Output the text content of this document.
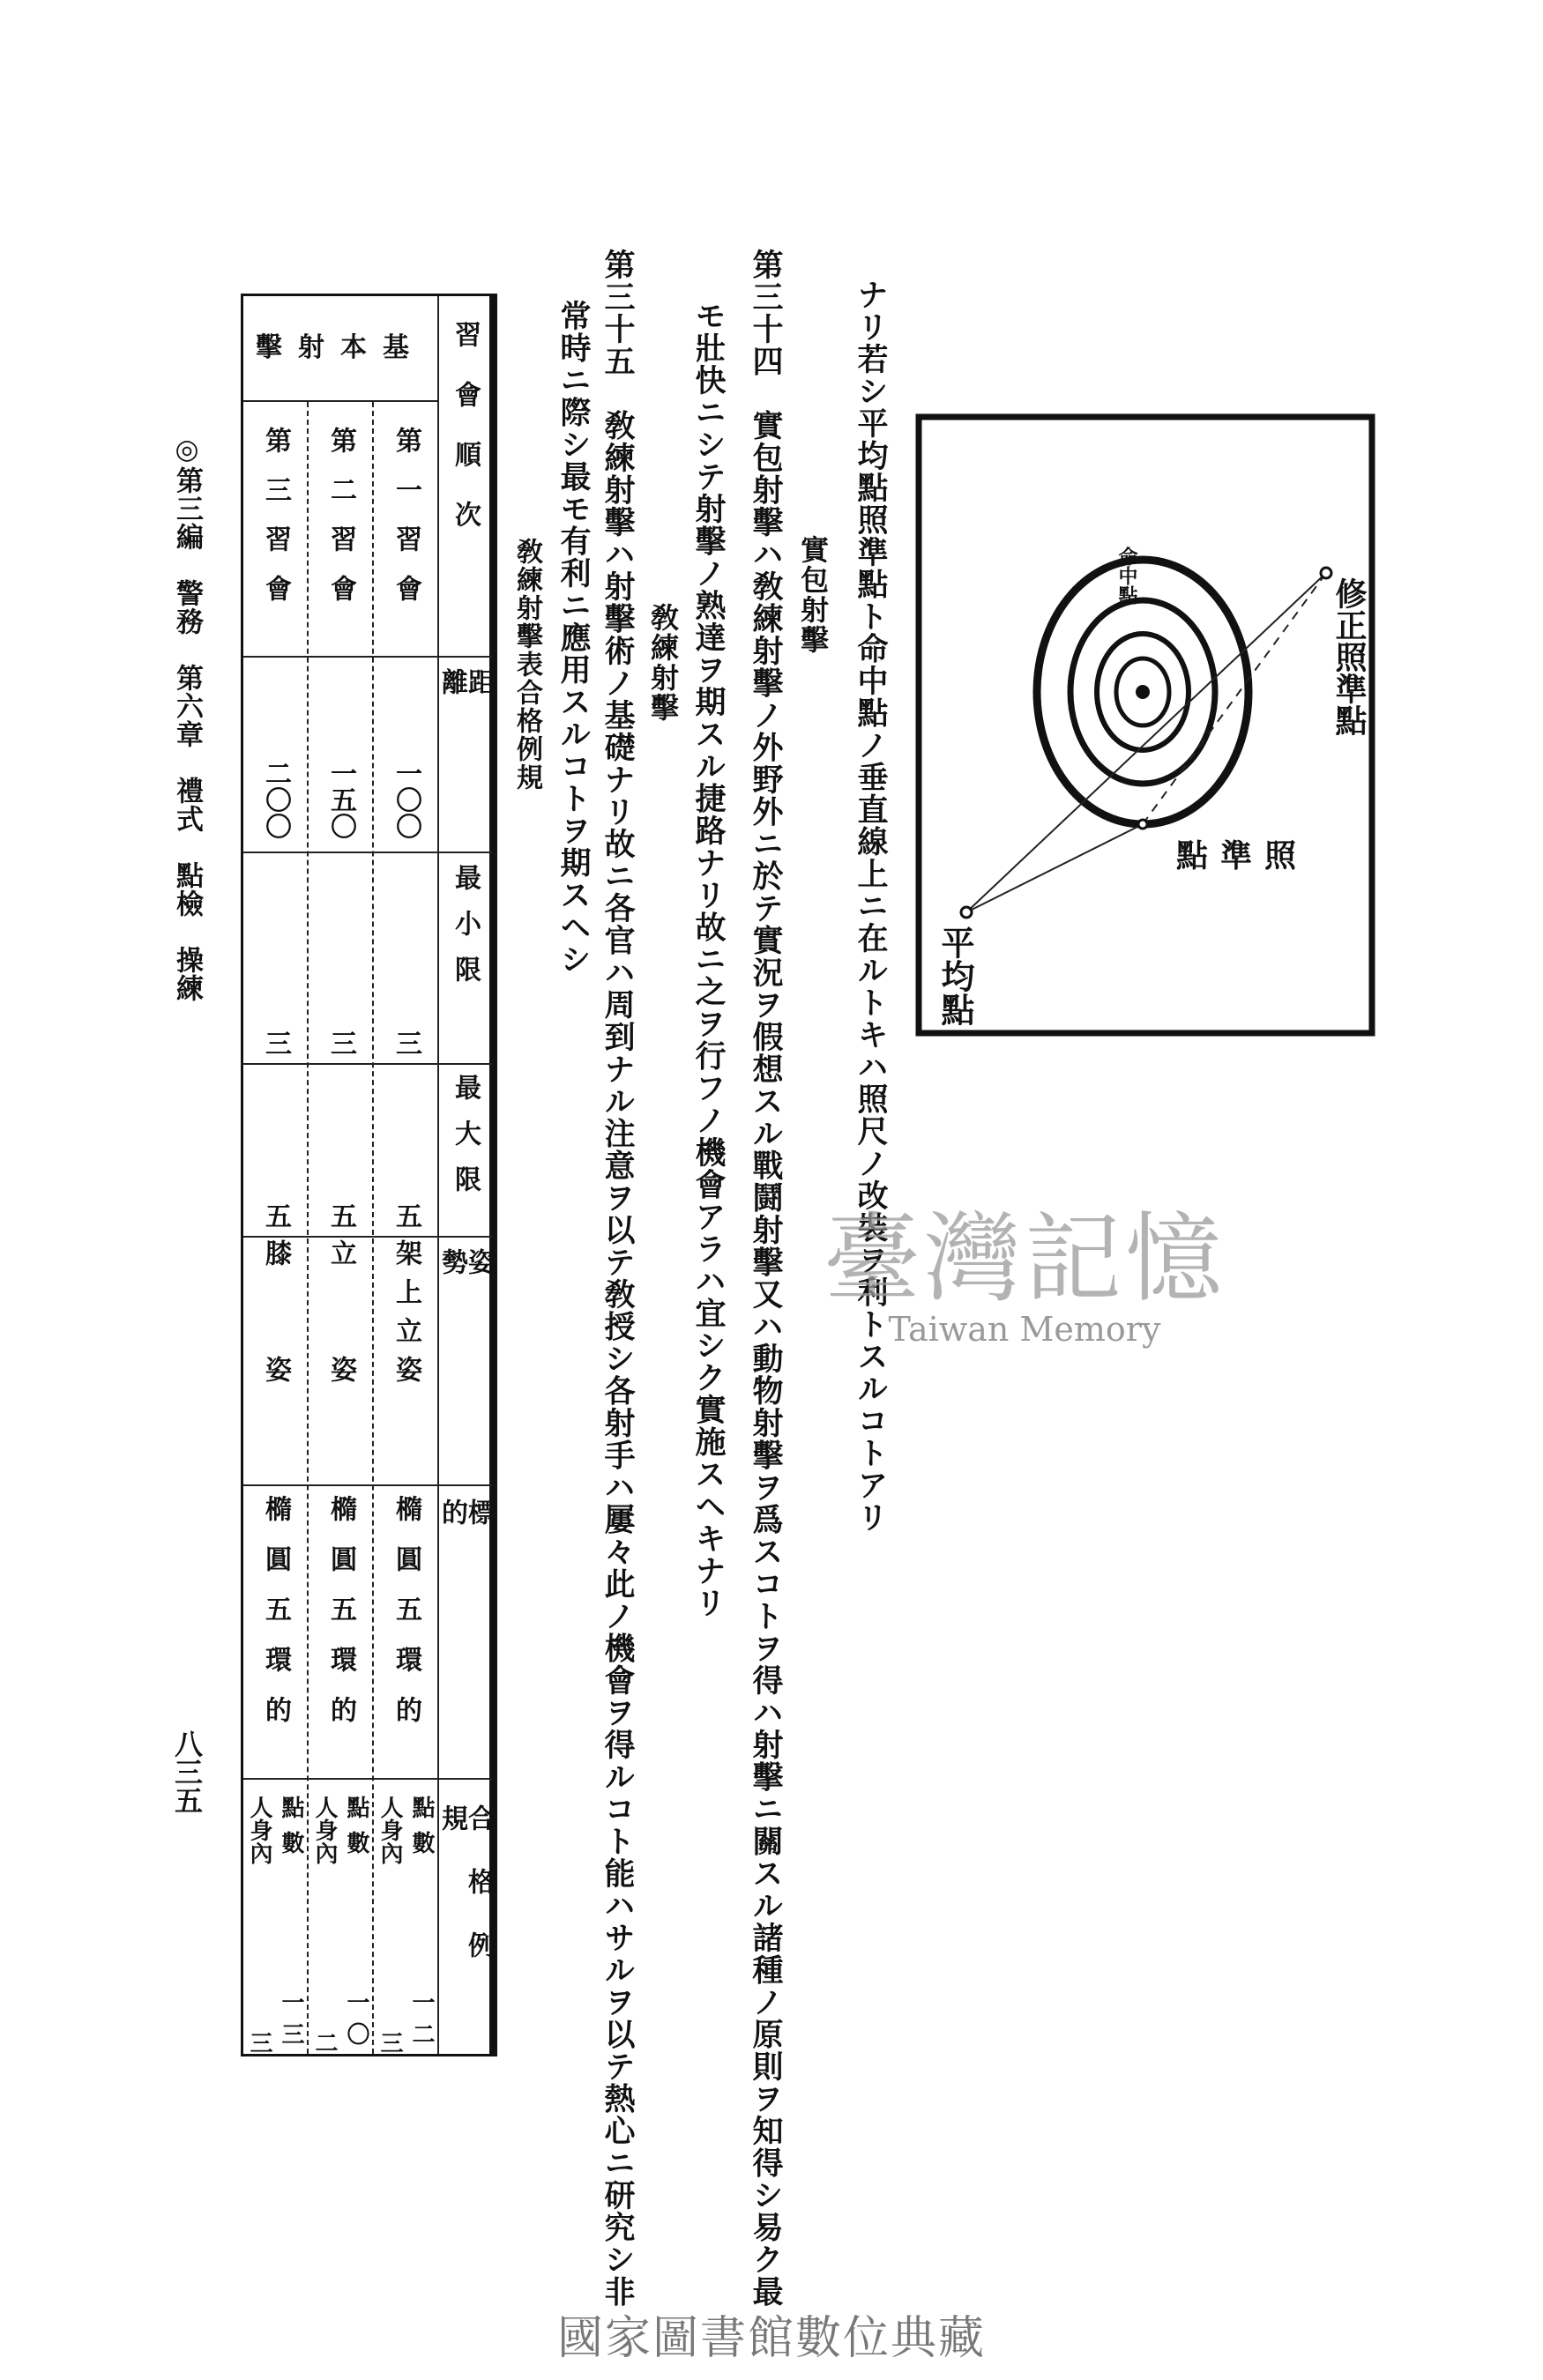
ナリ若シ平均點照準點ト命中點ノ垂直線上ニ在ルトキハ照尺ノ改裝ヲ利トスルコトアリ
實包射擊
第三十四　實包射擊ハ敎練射擊ノ外野外ニ於テ實況ヲ假想スル戰鬪射擊又ハ動物射擊ヲ爲スコトヲ得ハ射擊ニ關スル諸種ノ原則ヲ知得シ易ク最
モ壯快ニシテ射擊ノ熟達ヲ期スル捷路ナリ故ニ之ヲ行フノ機會アラハ宜シク實施スヘキナリ
敎練射擊
第三十五　敎練射擊ハ射擊術ノ基礎ナリ故ニ各官ハ周到ナル注意ヲ以テ敎授シ各射手ハ屢々此ノ機會ヲ得ルコト能ハサルヲ以テ熱心ニ研究シ非
常時ニ際シ最モ有利ニ應用スルコトヲ期スヘシ
敎練射擊表合格例規	命中點
修正照準點
照準點
平均點
基本射擊 習會順次
距離
最小限
最大限
姿勢
標的
合格例規
第一習會
一〇〇
三
五
架上立姿
橢圓五環的
人身內
三
點數
一二
第二習會
一五〇
三
五
立　　姿
橢圓五環的
人身內
二
點數
一〇
第三習會
二〇〇
三
五
膝　　姿
橢圓五環的
人身內
三
點數
一三
◎第三編　警務　第六章　禮式　點檢　操練
八三五
臺灣記憶
Taiwan Memory
國家圖書館數位典藏
